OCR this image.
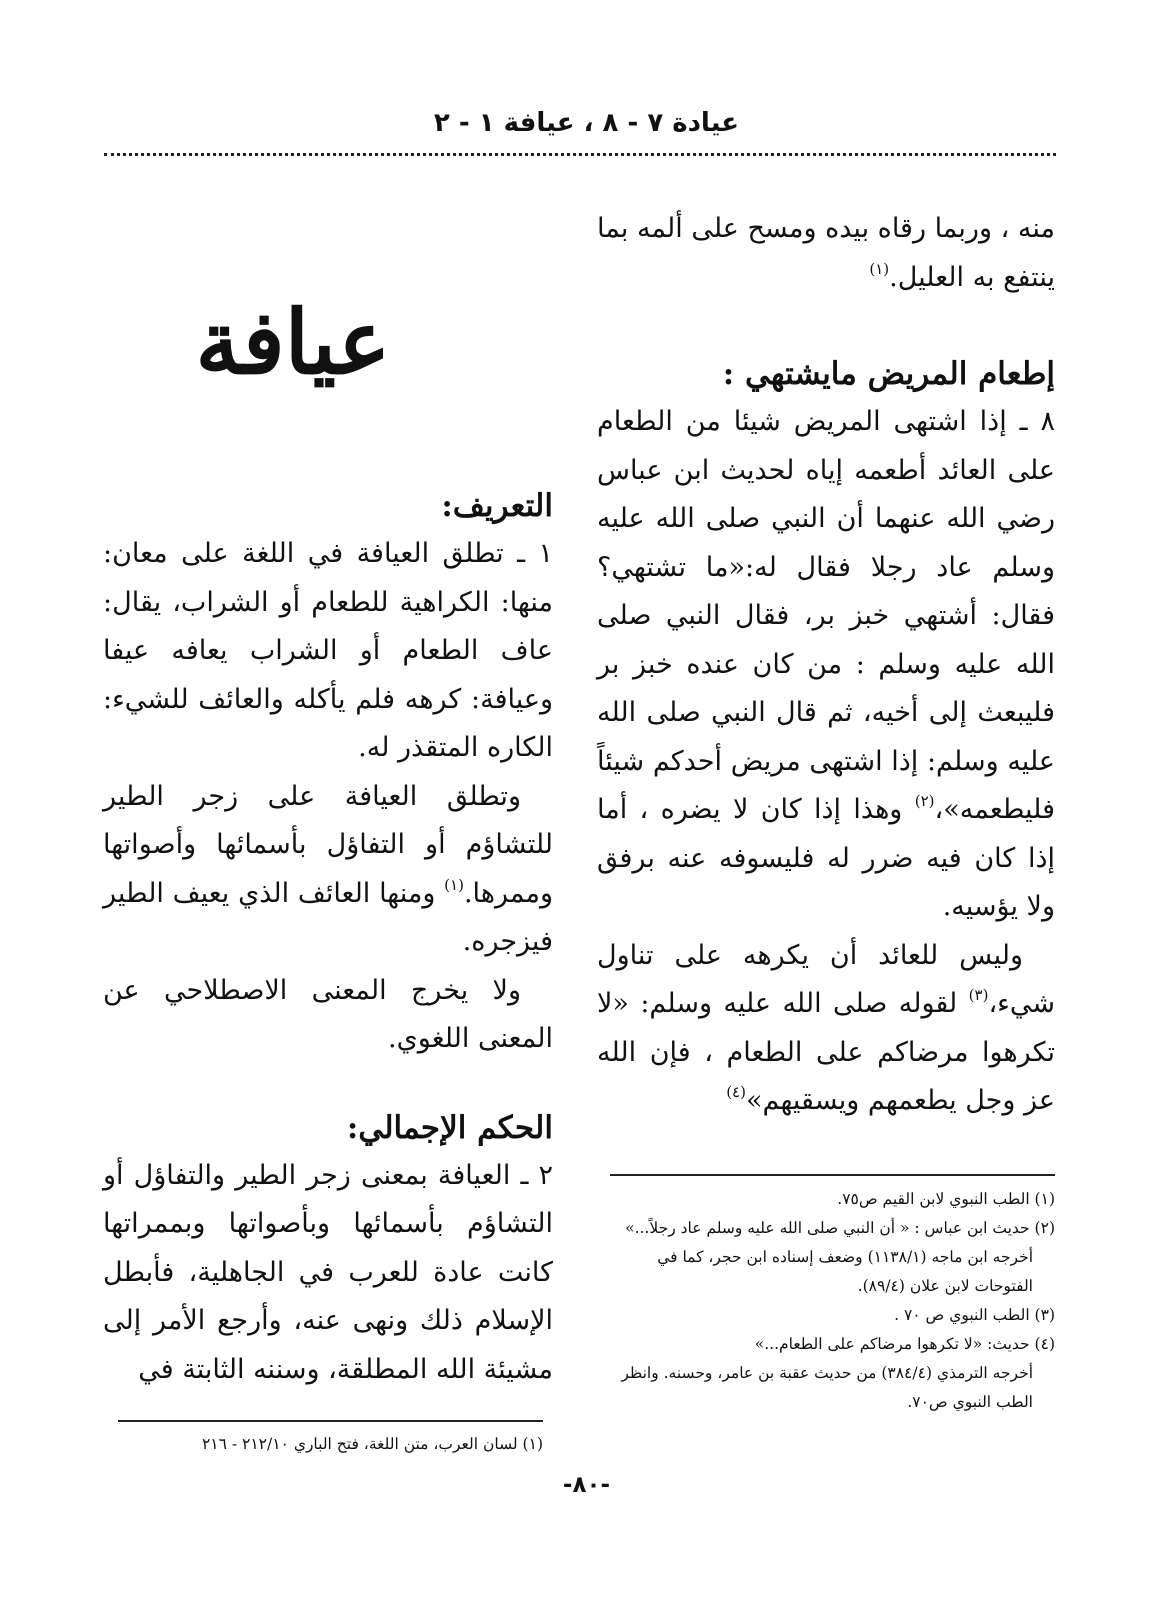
عيادة ٧ - ٨ ، عيافة ١ - ٢

منه ، وربما رقاه بيده ومسح على ألمه بما ينتفع به العليل.$^{(١)}$

إطعام المريض مايشتهي :

٨ ـ إذا اشتهى المريض شيئا من الطعام على العائد أطعمه إياه لحديث ابن عباس رضي الله عنهما أن النبي صلى الله عليه وسلم عاد رجلا فقال له:«ما تشتهي؟ فقال: أشتهي خبز بر، فقال النبي صلى الله عليه وسلم : من كان عنده خبز بر فليبعث إلى أخيه، ثم قال النبي صلى الله عليه وسلم: إذا اشتهى مريض أحدكم شيئاً فليطعمه»،$^{(٢)}$ وهذا إذا كان لا يضره ، أما إذا كان فيه ضرر له فليسوفه عنه برفق ولا يؤسيه.

وليس للعائد أن يكرهه على تناول شيء،$^{(٣)}$ لقوله صلى الله عليه وسلم: «لا تكرهوا مرضاكم على الطعام ، فإن الله عز وجل يطعمهم ويسقيهم»$^{(٤)}$

عيافة

التعريف:

١ ـ تطلق العيافة في اللغة على معان: منها: الكراهية للطعام أو الشراب، يقال: عاف الطعام أو الشراب يعافه عيفا وعيافة: كرهه فلم يأكله والعائف للشيء: الكاره المتقذر له.

وتطلق العيافة على زجر الطير للتشاؤم أو التفاؤل بأسمائها وأصواتها وممرها.$^{(١)}$ ومنها العائف الذي يعيف الطير فيزجره.

ولا يخرج المعنى الاصطلاحي عن المعنى اللغوي.

الحكم الإجمالي:

٢ ـ العيافة بمعنى زجر الطير والتفاؤل أو التشاؤم بأسمائها وبأصواتها وبممراتها كانت عادة للعرب في الجاهلية، فأبطل الإسلام ذلك ونهى عنه، وأرجع الأمر إلى مشيئة الله المطلقة، وسننه الثابتة في

(١) الطب النبوي لابن القيم ص٧٥.

(٢) حديث ابن عباس : « أن النبي صلى الله عليه وسلم عاد رجلاً...»

أخرجه ابن ماجه (١١٣٨/١) وضعف إسناده ابن حجر، كما في الفتوحات لابن علان (٨٩/٤).

(٣) الطب النبوي ص ٧٠ .

(٤) حديث: «لا تكرهوا مرضاكم على الطعام...»

أخرجه الترمذي (٣٨٤/٤) من حديث عقبة بن عامر، وحسنه. وانظر الطب النبوي ص٧٠.

(١) لسان العرب، متن اللغة، فتح الباري ٢١٢/١٠ - ٢١٦

-٨٠-
